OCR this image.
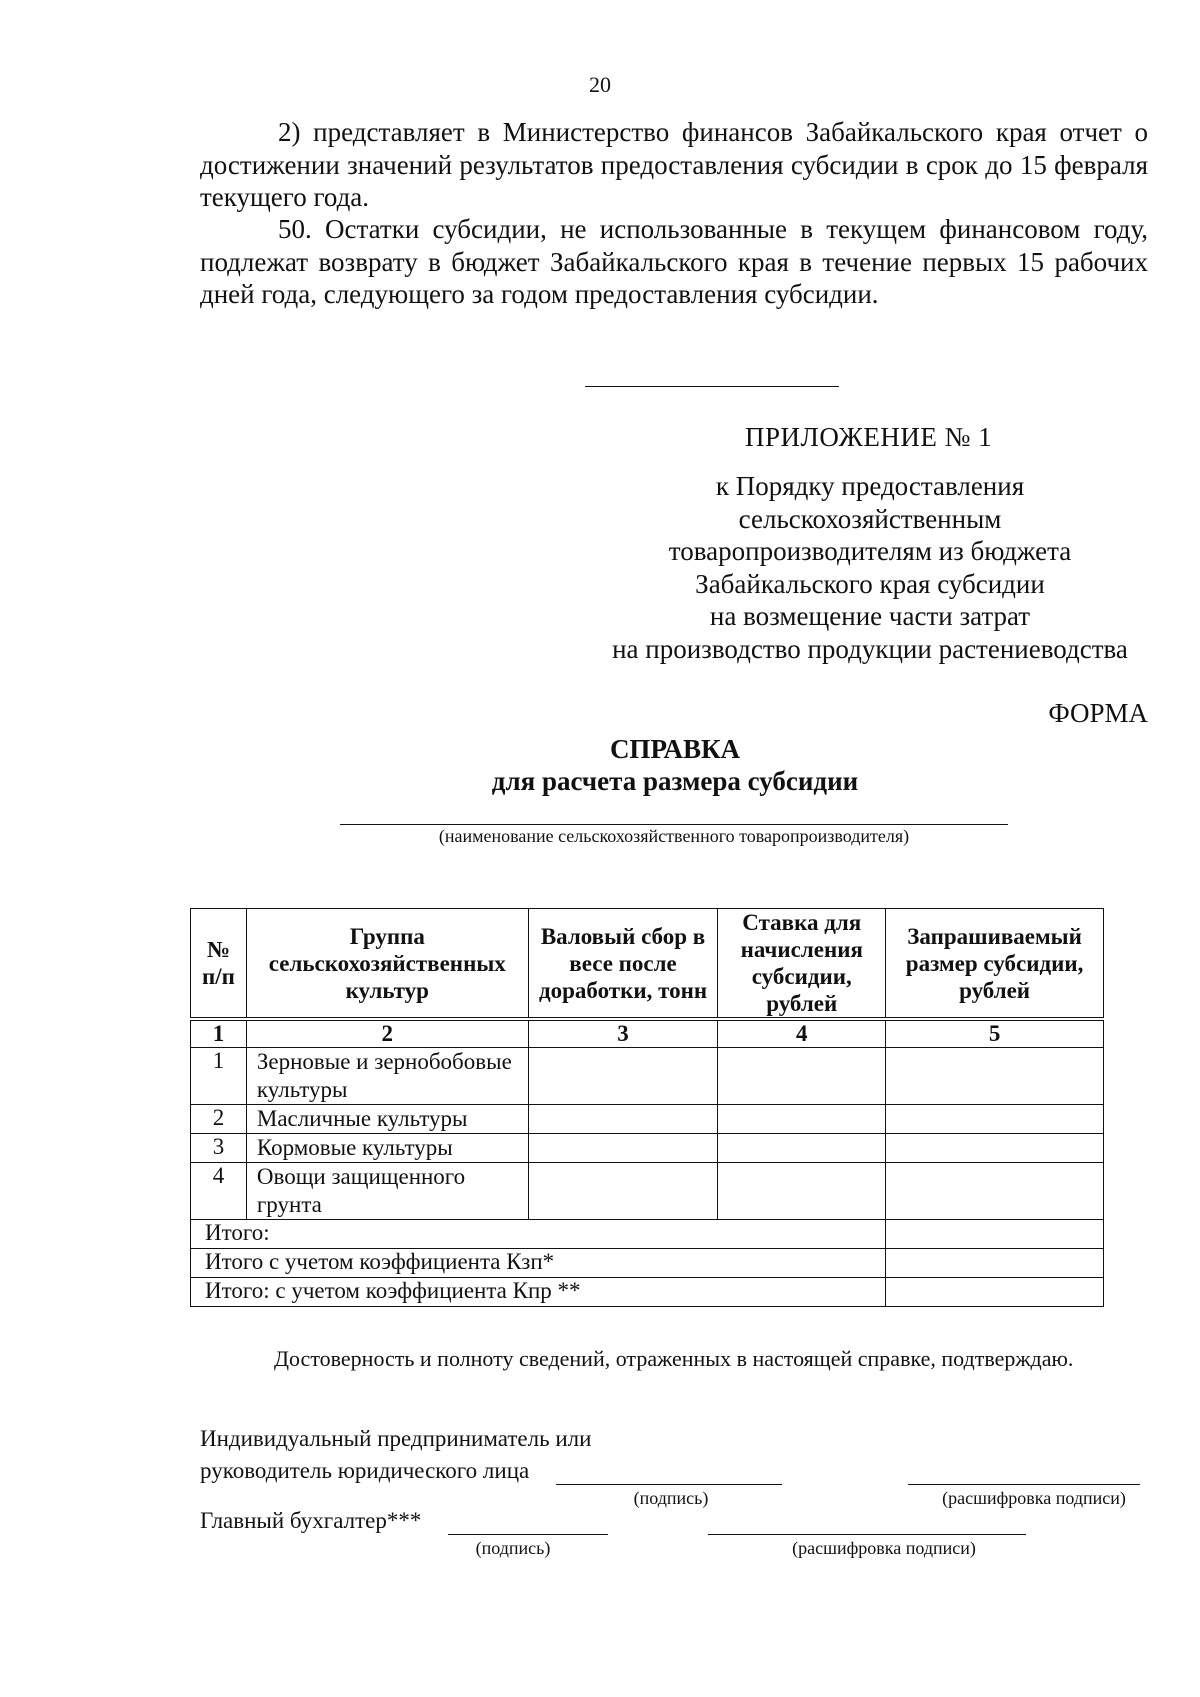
20
2) представляет в Министерство финансов Забайкальского края отчет о достижении значений результатов предоставления субсидии в срок до 15 февраля текущего года.
50. Остатки субсидии, не использованные в текущем финансовом году, подлежат возврату в бюджет Забайкальского края в течение первых 15 рабочих дней года, следующего за годом предоставления субсидии.
ПРИЛОЖЕНИЕ № 1
к Порядку предоставления
сельскохозяйственным
товаропроизводителям из бюджета
Забайкальского края субсидии
на возмещение части затрат
на производство продукции растениеводства
ФОРМА
СПРАВКА
для расчета размера субсидии
(наименование сельскохозяйственного товаропроизводителя)
№ п/п	Группа сельскохозяйственных культур	Валовый сбор в весе после доработки, тонн	Ставка для начисления субсидии, рублей	Запрашиваемый размер субсидии, рублей
1	2	3	4	5
1	Зерновые и зернобобовые культуры			
2	Масличные культуры			
3	Кормовые культуры			
4	Овощи защищенного грунта			
Итого:				
Итого с учетом коэффициента Кзп*				
Итого: с учетом коэффициента Кпр **				
Достоверность и полноту сведений, отраженных в настоящей справке, подтверждаю.
Индивидуальный предприниматель или
руководитель юридического лица
(подпись)	(расшифровка подписи)
Главный бухгалтер***
(подпись)	(расшифровка подписи)
